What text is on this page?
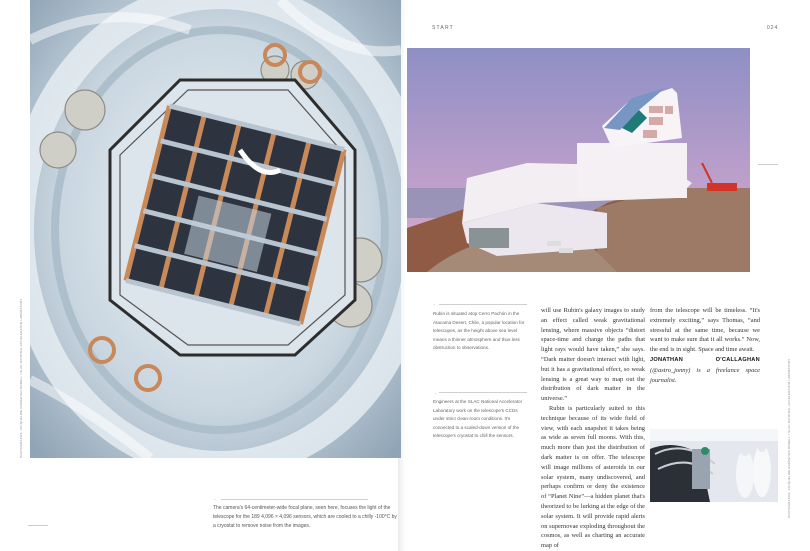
PHOTOGRAPHS: JACQUELINE RAMSEYER ORRELL / SLAC NATIONAL ACCELERATOR LABORATORY
→
The camera's 64-centimeter-wide focal plane, seen here, focuses the light of the telescope for the 189 4,096 × 4,096 sensors, which are cooled to a chilly -100°C by a cryostat to remove noise from the images.
START	024
↑
Rubin is situated atop Cerro Pachón in the Atacama Desert, Chile, a popular location for telescopes, as the height above sea level means a thinner atmosphere and thus less obstruction to observations.
→
Engineers at the SLAC National Accelerator Laboratory work on the telescope's CCDs under strict clean-room conditions. It's connected to a scaled-down version of the telescope's cryostat to chill the sensors.

will use Rubin's galaxy images to study an effect called weak gravitational lensing, where massive objects “distort space-time and change the paths that light rays would have taken,” she says. “Dark matter doesn't interact with light, but it has a gravitational effect, so weak lensing is a great way to map out the distribution of dark matter in the universe.”

Rubin is particularly suited to this technique because of its wide field of view, with each snapshot it takes being as wide as seven full moons. With this, much more than just the distribution of dark matter is on offer. The telescope will image millions of asteroids in our solar system, many undiscovered, and perhaps confirm or deny the existence of “Planet Nine”—a hidden planet that's theorized to be lurking at the edge of the solar system. It will provide rapid alerts on supernovae exploding throughout the cosmos, as well as charting an accurate map of

from the telescope will be timeless. “It's extremely exciting,” says Thomas, “and stressful at the same time, because we want to make sure that it all works.” Now, the end is in sight. Space and time await.

JONATHAN O'CALLAGHAN (@astro_jonny) is a freelance space journalist.	PHOTOGRAPHS: JACQUELINE RAMSEYER ORRELL / SLAC NATIONAL ACCELERATOR LABORATORY
